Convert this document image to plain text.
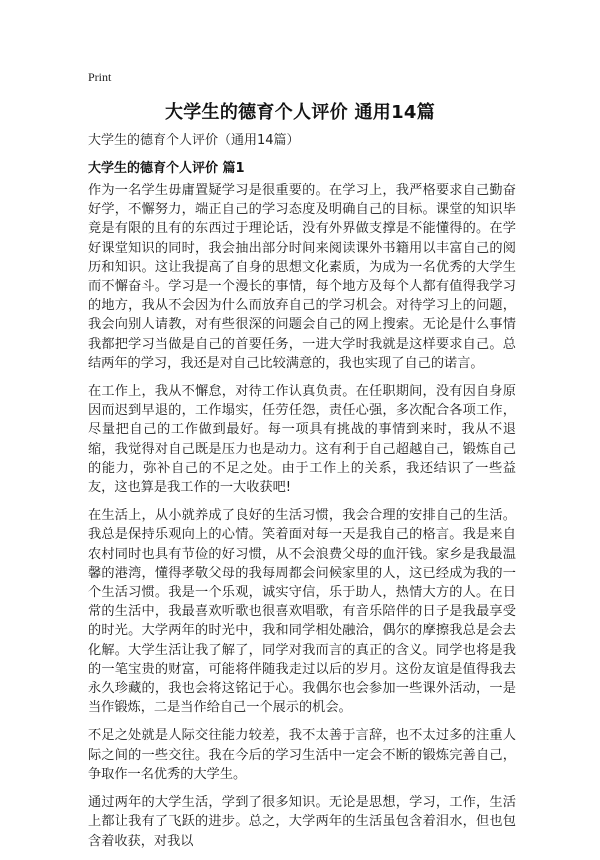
Print
大学生的德育个人评价 通用14篇
大学生的德育个人评价（通用14篇）
大学生的德育个人评价 篇1

作为一名学生毋庸置疑学习是很重要的。在学习上，我严格要求自己勤奋好学，不懈努力，端正自己的学习态度及明确自己的目标。课堂的知识毕竟是有限的且有的东西过于理论话，没有外界做支撑是不能懂得的。在学好课堂知识的同时，我会抽出部分时间来阅读课外书籍用以丰富自己的阅历和知识。这让我提高了自身的思想文化素质，为成为一名优秀的大学生而不懈奋斗。学习是一个漫长的事情，每个地方及每个人都有值得我学习的地方，我从不会因为什么而放弃自己的学习机会。对待学习上的问题，我会向别人请教，对有些很深的问题会自己的网上搜索。无论是什么事情我都把学习当做是自己的首要任务，一进大学时我就是这样要求自己。总结两年的学习，我还是对自己比较满意的，我也实现了自己的诺言。

在工作上，我从不懈怠，对待工作认真负责。在任职期间，没有因自身原因而迟到早退的，工作塌实，任劳任怨，责任心强，多次配合各项工作，尽量把自己的工作做到最好。每一项具有挑战的事情到来时，我从不退缩，我觉得对自己既是压力也是动力。这有利于自己超越自己，锻炼自己的能力，弥补自己的不足之处。由于工作上的关系，我还结识了一些益友，这也算是我工作的一大收获吧!

在生活上，从小就养成了良好的生活习惯，我会合理的安排自己的生活。我总是保持乐观向上的心情。笑着面对每一天是我自己的格言。我是来自农村同时也具有节俭的好习惯，从不会浪费父母的血汗钱。家乡是我最温馨的港湾，懂得孝敬父母的我每周都会问候家里的人，这已经成为我的一个生活习惯。我是一个乐观，诚实守信，乐于助人，热情大方的人。在日常的生活中，我最喜欢听歌也很喜欢唱歌，有音乐陪伴的日子是我最享受的时光。大学两年的时光中，我和同学相处融洽，偶尔的摩擦我总是会去化解。大学生活让我了解了，同学对我而言的真正的含义。同学也将是我的一笔宝贵的财富，可能将伴随我走过以后的岁月。这份友谊是值得我去永久珍藏的，我也会将这铭记于心。我偶尔也会参加一些课外活动，一是当作锻炼，二是当作给自己一个展示的机会。

不足之处就是人际交往能力较差，我不太善于言辞，也不太过多的注重人际之间的一些交往。我在今后的学习生活中一定会不断的锻炼完善自己，争取作一名优秀的大学生。

通过两年的大学生活，学到了很多知识。无论是思想，学习，工作，生活上都让我有了飞跃的进步。总之，大学两年的生活虽包含着泪水，但也包含着收获，对我以
